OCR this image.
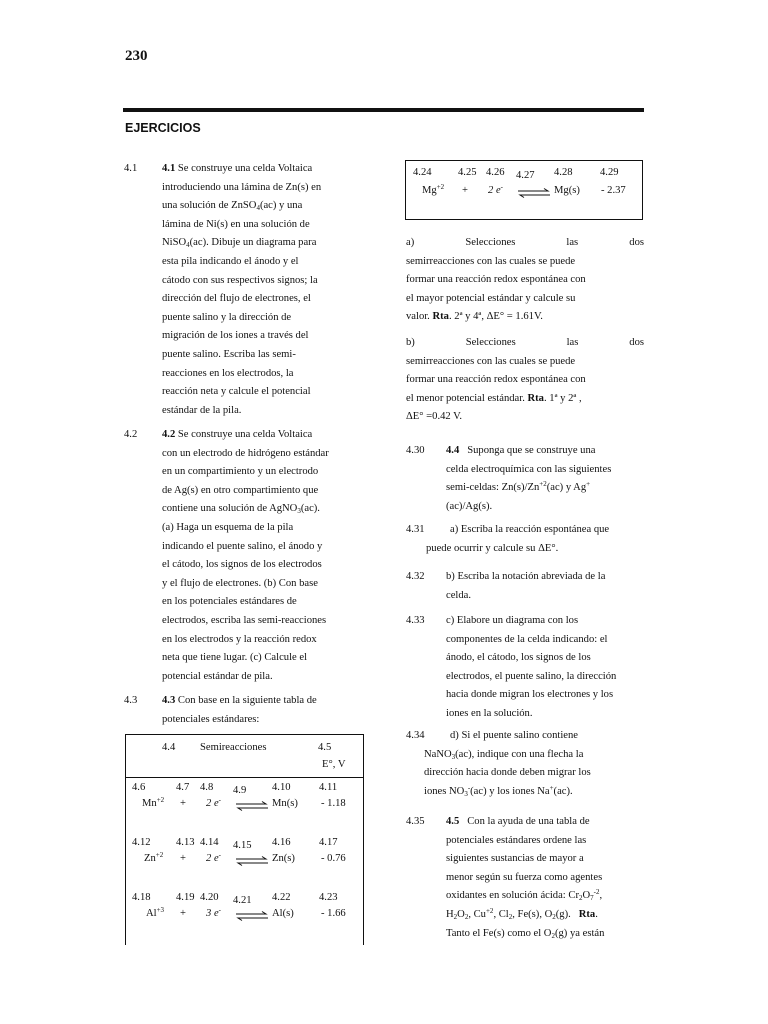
230
EJERCICIOS
4.1	4.1 Se construye una celda Voltaica
introduciendo una lámina de Zn(s) en
una solución de ZnSO$_4$(ac) y una
lámina de Ni(s) en una solución de
NiSO$_4$(ac). Dibuje un diagrama para
esta pila indicando el ánodo y el
cátodo con sus respectivos signos; la
dirección del flujo de electrones, el
puente salino y la dirección de
migración de los iones a través del
puente salino. Escriba las semi-
reacciones en los electrodos, la
reacción neta y calcule el potencial
estándar de la pila.
4.2	4.2 Se construye una celda Voltaica
con un electrodo de hidrógeno estándar
en un compartimiento y un electrodo
de Ag(s) en otro compartimiento que
contiene una solución de AgNO$_3$(ac).
(a) Haga un esquema de la pila
indicando el puente salino, el ánodo y
el cátodo, los signos de los electrodos
y el flujo de electrones. (b) Con base
en los potenciales estándares de
electrodos, escriba las semi-reacciones
en los electrodos y la reacción redox
neta que tiene lugar. (c) Calcule el
potencial estándar de pila.
4.3	4.3 Con base en la siguiente tabla de
potenciales estándares:
4.4 Semireacciones	4.5
E°, V
4.6	4.7 4.8 4.9 4.10	4.11
$Mn^{+2} + 2$ e- ⇌ Mn(s) - 1.18
4.12 4.13 4.14 4.15 4.16	4.17
$Zn^{+2} + 2$ e- ⇌ Zn(s) - 0.76
4.18 4.19 4.20 4.21 4.22	4.23
$Al^{+3} + 3$ e- ⇌ Al(s)	- 1.66
4.24 4.25 4.26 4.27 4.28	4.29
$Mg^{+2} + 2$ e- ⇌ Mg(s) - 2.37
a) Selecciones las dos
semirreacciones con las cuales se puede
formar una reacción redox espontánea con
el mayor potencial estándar y calcule su
valor. Rta. 2ª y 4ª, ΔE° = 1.61V.
b) Selecciones las dos
semirreacciones con las cuales se puede
formar una reacción redox espontánea con
el menor potencial estándar. Rta. 1ª y 2ª ,
ΔE° =0.42 V.
4.30	4.4 Suponga que se construye una
celda electroquímica con las siguientes
semi-celdas: $Zn(s)/Zn^{+2}(ac)$ y Ag+
(ac)/Ag(s).
4.31	a) Escriba la reacción espontánea que
puede ocurrir y calcule su ΔE°.
4.32	b) Escriba la notación abreviada de la
celda.
4.33	c) Elabore un diagrama con los
componentes de la celda indicando: el
ánodo, el cátodo, los signos de los
electrodos, el puente salino, la dirección
hacia donde migran los electrones y los
iones en la solución.
4.34	d) Si el puente salino contiene
NaNO$_3$(ac), indique con una flecha la
dirección hacia donde deben migrar los
iones $NO_3^-(ac)$ y los iones Na+(ac).
4.35	4.5 Con la ayuda de una tabla de
potenciales estándares ordene las
siguientes sustancias de mayor a
menor según su fuerza como agentes
oxidantes en solución ácida: $Cr_2O_7^{-2}$,
$H_2O_2$, $Cu^{+2}$, $Cl_2$, Fe(s), $O_2(g)$. Rta.
Tanto el Fe(s) como el $O_2(g)$ ya están
